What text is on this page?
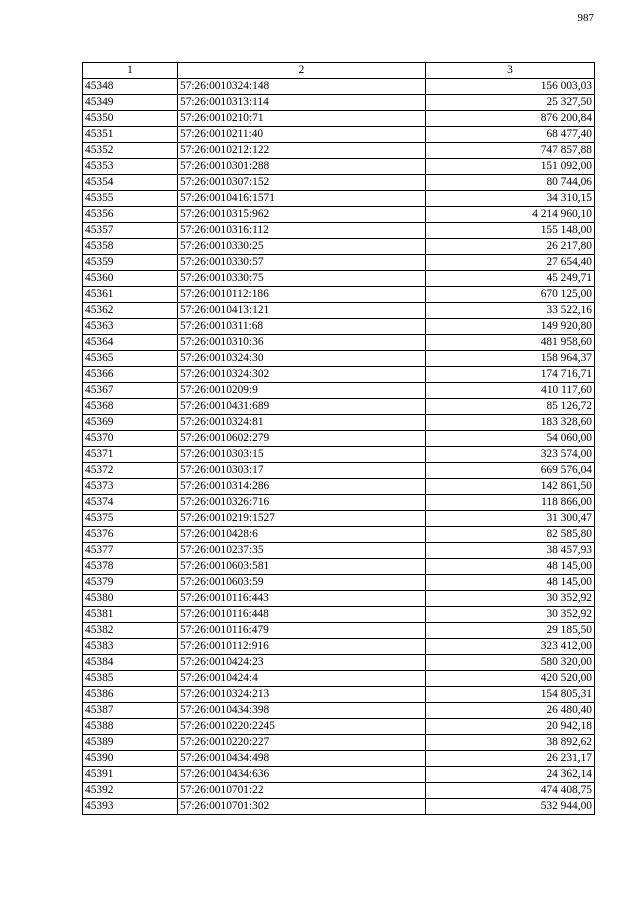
987
1	2	3
45348	57:26:0010324:148	156 003,03
45349	57:26:0010313:114	25 327,50
45350	57:26:0010210:71	876 200,84
45351	57:26:0010211:40	68 477,40
45352	57:26:0010212:122	747 857,88
45353	57:26:0010301:288	151 092,00
45354	57:26:0010307:152	80 744,06
45355	57:26:0010416:1571	34 310,15
45356	57:26:0010315:962	4 214 960,10
45357	57:26:0010316:112	155 148,00
45358	57:26:0010330:25	26 217,80
45359	57:26:0010330:57	27 654,40
45360	57:26:0010330:75	45 249,71
45361	57:26:0010112:186	670 125,00
45362	57:26:0010413:121	33 522,16
45363	57:26:0010311:68	149 920,80
45364	57:26:0010310:36	481 958,60
45365	57:26:0010324:30	158 964,37
45366	57:26:0010324:302	174 716,71
45367	57:26:0010209:9	410 117,60
45368	57:26:0010431:689	85 126,72
45369	57:26:0010324:81	183 328,60
45370	57:26:0010602:279	54 060,00
45371	57:26:0010303:15	323 574,00
45372	57:26:0010303:17	669 576,04
45373	57:26:0010314:286	142 861,50
45374	57:26:0010326:716	118 866,00
45375	57:26:0010219:1527	31 300,47
45376	57:26:0010428:6	82 585,80
45377	57:26:0010237:35	38 457,93
45378	57:26:0010603:581	48 145,00
45379	57:26:0010603:59	48 145,00
45380	57:26:0010116:443	30 352,92
45381	57:26:0010116:448	30 352,92
45382	57:26:0010116:479	29 185,50
45383	57:26:0010112:916	323 412,00
45384	57:26:0010424:23	580 320,00
45385	57:26:0010424:4	420 520,00
45386	57:26:0010324:213	154 805,31
45387	57:26:0010434:398	26 480,40
45388	57:26:0010220:2245	20 942,18
45389	57:26:0010220:227	38 892,62
45390	57:26:0010434:498	26 231,17
45391	57:26:0010434:636	24 362,14
45392	57:26:0010701:22	474 408,75
45393	57:26:0010701:302	532 944,00
